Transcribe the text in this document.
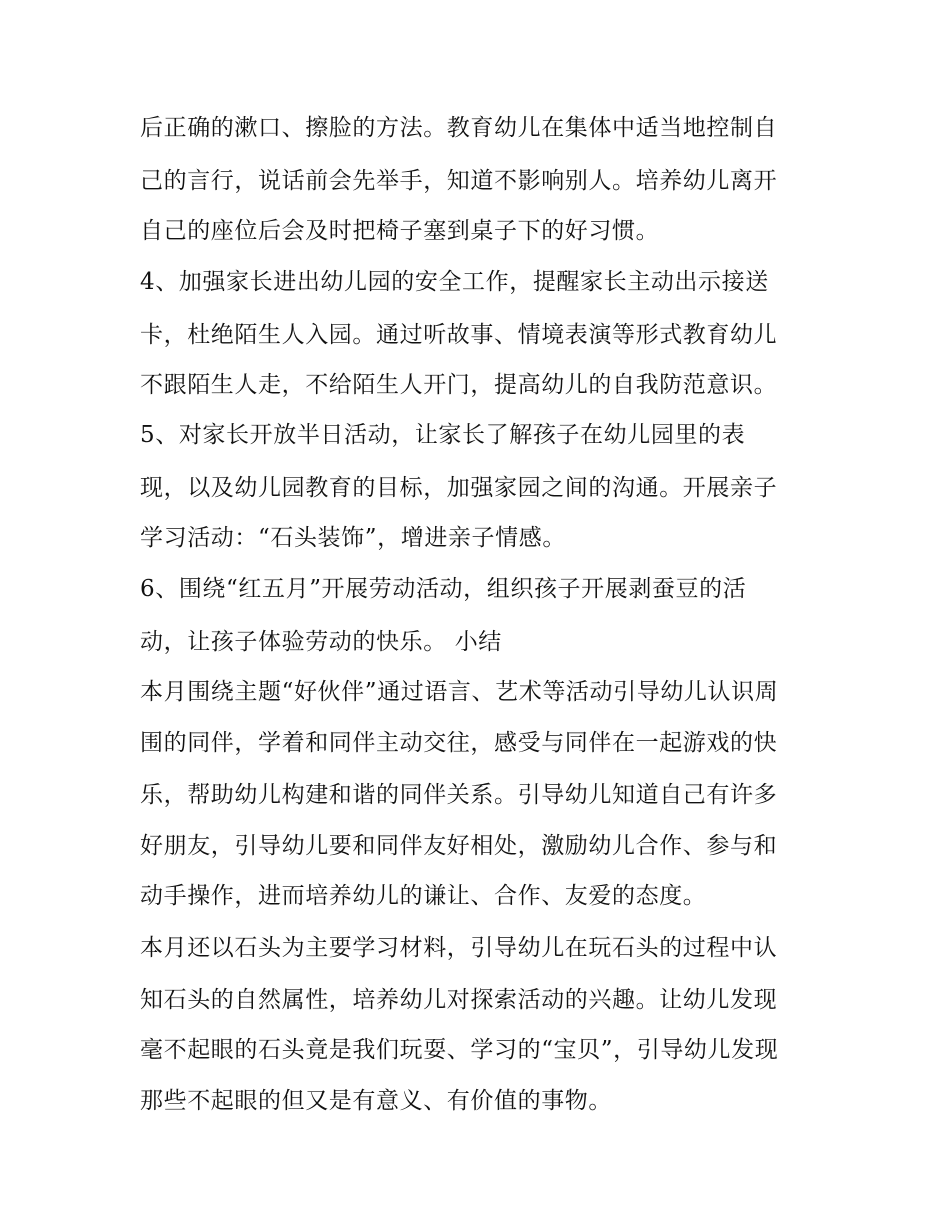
后正确的漱口、擦脸的方法。教育幼儿在集体中适当地控制自

己的言行，说话前会先举手，知道不影响别人。培养幼儿离开

自己的座位后会及时把椅子塞到桌子下的好习惯。

4、加强家长进出幼儿园的安全工作，提醒家长主动出示接送

卡，杜绝陌生人入园。通过听故事、情境表演等形式教育幼儿

不跟陌生人走，不给陌生人开门，提高幼儿的自我防范意识。

5、对家长开放半日活动，让家长了解孩子在幼儿园里的表

现，以及幼儿园教育的目标，加强家园之间的沟通。开展亲子

学习活动：“石头装饰”，增进亲子情感。

6、围绕“红五月”开展劳动活动，组织孩子开展剥蚕豆的活

动，让孩子体验劳动的快乐。 小结

本月围绕主题“好伙伴”通过语言、艺术等活动引导幼儿认识周

围的同伴，学着和同伴主动交往，感受与同伴在一起游戏的快

乐，帮助幼儿构建和谐的同伴关系。引导幼儿知道自己有许多

好朋友，引导幼儿要和同伴友好相处，激励幼儿合作、参与和

动手操作，进而培养幼儿的谦让、合作、友爱的态度。

本月还以石头为主要学习材料，引导幼儿在玩石头的过程中认

知石头的自然属性，培养幼儿对探索活动的兴趣。让幼儿发现

毫不起眼的石头竟是我们玩耍、学习的“宝贝”，引导幼儿发现

那些不起眼的但又是有意义、有价值的事物。
